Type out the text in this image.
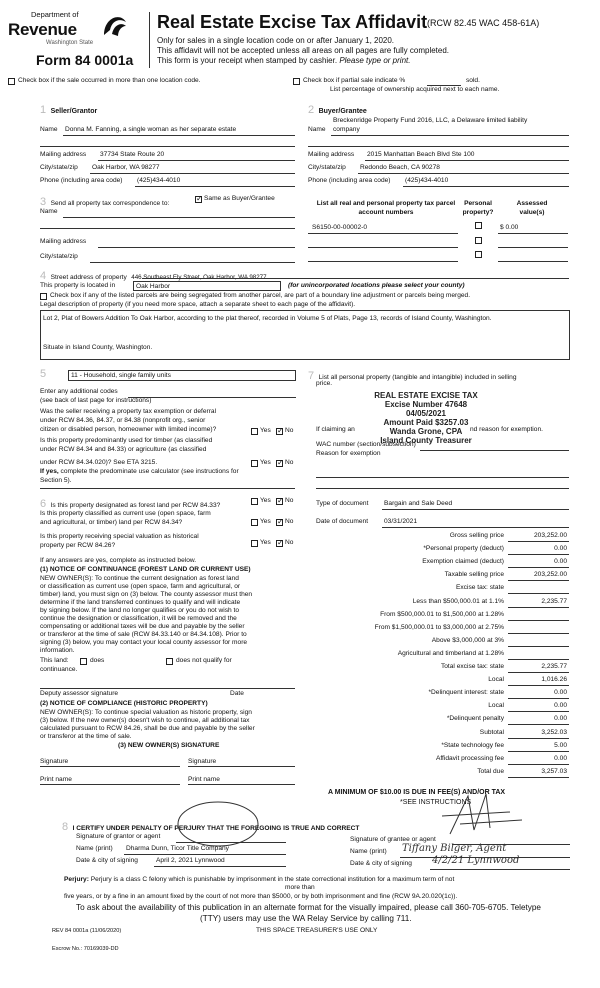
Department of
Revenue
Washington State
Form 84 0001a
Real Estate Excise Tax Affidavit (RCW 82.45 WAC 458-61A)
Only for sales in a single location code on or after January 1, 2020.
This affidavit will not be accepted unless all areas on all pages are fully completed.
This form is your receipt when stamped by cashier. Please type or print.
Check box if the sale occurred in more than one location code.	Check box if partial sale indicate %	sold.
List percentage of ownership acquired next to each name.
1 Seller/Grantor	2 Buyer/Grantee
Breckenridge Property Fund 2016, LLC, a Delaware limited liability
Name Donna M. Fanning, a single woman as her separate estate	Name company
Mailing address 37734 State Route 20
City/state/zip Oak Harbor, WA 98277
Phone (including area code) (425)434-4010
Mailing address 2015 Manhattan Beach Blvd Ste 100
City/state/zip Redondo Beach, CA 90278
Phone (including area code) (425)434-4010
3 Send all property tax correspondence to:
✓
Same as Buyer/Grantee
Name
Mailing address
City/state/zip
List all real and personal property tax parcel account numbers
Personal property?
Assessed value(s)
S6150-00-00002-0	$ 0.00
4 Street address of property 446 Southeast Ely Street, Oak Harbor, WA 98277
This property is located in	Oak Harbor	(for unincorporated locations please select your county)
Check box if any of the listed parcels are being segregated from another parcel, are part of a boundary line adjustment or parcels being merged.
Legal description of property (if you need more space, attach a separate sheet to each page of the affidavit).
Lot 2, Plat of Bowers Addition To Oak Harbor, according to the plat thereof, recorded in Volume 5 of Plats, Page 13, records of Island County, Washington.
Situate in Island County, Washington.
5	11 - Household, single family units
Enter any additional codes
(see back of last page for instructions)
Was the seller receiving a property tax exemption or deferral
under RCW 84.36, 84.37, or 84.38 (nonprofit org., senior
citizen or disabled person, homeowner with limited income)?	Yes ✓ No
Is this property predominantly used for timber (as classified
under RCW 84.34 and 84.33) or agriculture (as classified
under RCW 84.34.020)? See ETA 3215.	Yes ✓ No
If yes, complete the predominate use calculator (see instructions for
Section 5).
6 Is this property designated as forest land per RCW 84.33?
Yes ✓ No
Is this property classified as current use (open space, farm
and agricultural, or timber) land per RCW 84.34?	Yes ✓ No
Is this property receiving special valuation as historical
property per RCW 84.26?	Yes ✓ No
If any answers are yes, complete as instructed below.
(1) NOTICE OF CONTINUANCE (FOREST LAND OR CURRENT USE)
NEW OWNER(S): To continue the current designation as forest land
or classification as current use (open space, farm and agricultural, or
timber) land, you must sign on (3) below. The county assessor must then
determine if the land transferred continues to qualify and will indicate
by signing below. If the land no longer qualifies or you do not wish to
continue the designation or classification, it will be removed and the
compensating or additional taxes will be due and payable by the seller
or transferor at the time of sale (RCW 84.33.140 or 84.34.108). Prior to
signing (3) below, you may contact your local county assessor for more
information.
This land:	does	does not qualify for
continuance.
Deputy assessor signature	Date
(2) NOTICE OF COMPLIANCE (HISTORIC PROPERTY)
NEW OWNER(S): To continue special valuation as historic property, sign
(3) below. If the new owner(s) doesn't wish to continue, all additional tax
calculated pursuant to RCW 84.26, shall be due and payable by the seller
or transferor at the time of sale.
(3) NEW OWNER(S) SIGNATURE
Signature	Signature
Print name	Print name
7 List all personal property (tangible and intangible) included in selling
price.
REAL ESTATE EXCISE TAX
Excise Number 47648
04/05/2021
Amount Paid $3257.03
Wanda Grone, CPA
Island County Treasurer
If claiming an	nd reason for exemption.
WAC number (section/subsection)
Reason for exemption
Type of document Bargain and Sale Deed
Date of document 03/31/2021
Gross selling price	203,252.00
*Personal property (deduct)	0.00
Exemption claimed (deduct)	0.00
Taxable selling price	203,252.00
Excise tax: state
Less than $500,000.01 at 1.1%	2,235.77
From $500,000.01 to $1,500,000 at 1.28%
From $1,500,000.01 to $3,000,000 at 2.75%
Above $3,000,000 at 3%
Agricultural and timberland at 1.28%
Total excise tax: state	2,235.77
Local	1,016.26
*Delinquent interest: state	0.00
Local	0.00
*Delinquent penalty	0.00
Subtotal	3,252.03
*State technology fee	5.00
Affidavit processing fee	0.00
Total due	3,257.03
A MINIMUM OF $10.00 IS DUE IN FEE(S) AND/OR TAX
*SEE INSTRUCTIONS
8 I CERTIFY UNDER PENALTY OF PERJURY THAT THE FOREGOING IS TRUE AND CORRECT
Signature of grantor or agent
Name (print) Dharma Dunn, Ticor Title Company
Date & city of signing	April 2, 2021 Lynnwood
Signature of grantee or agent
Name (print) Tiffany Bilger, Agent
Date & city of signing 4/2/21 Lynnwood
Perjury: Perjury is a class C felony which is punishable by imprisonment in the state correctional institution for a maximum term of not
more than
five years, or by a fine in an amount fixed by the court of not more than $5000, or by both imprisonment and fine (RCW 9A.20.020(1c)).
To ask about the availability of this publication in an alternate format for the visually impaired, please call 360-705-6705. Teletype
(TTY) users may use the WA Relay Service by calling 711.
REV 84 0001a (11/06/2020)	THIS SPACE TREASURER'S USE ONLY
Escrow No.: 70169039-DD
